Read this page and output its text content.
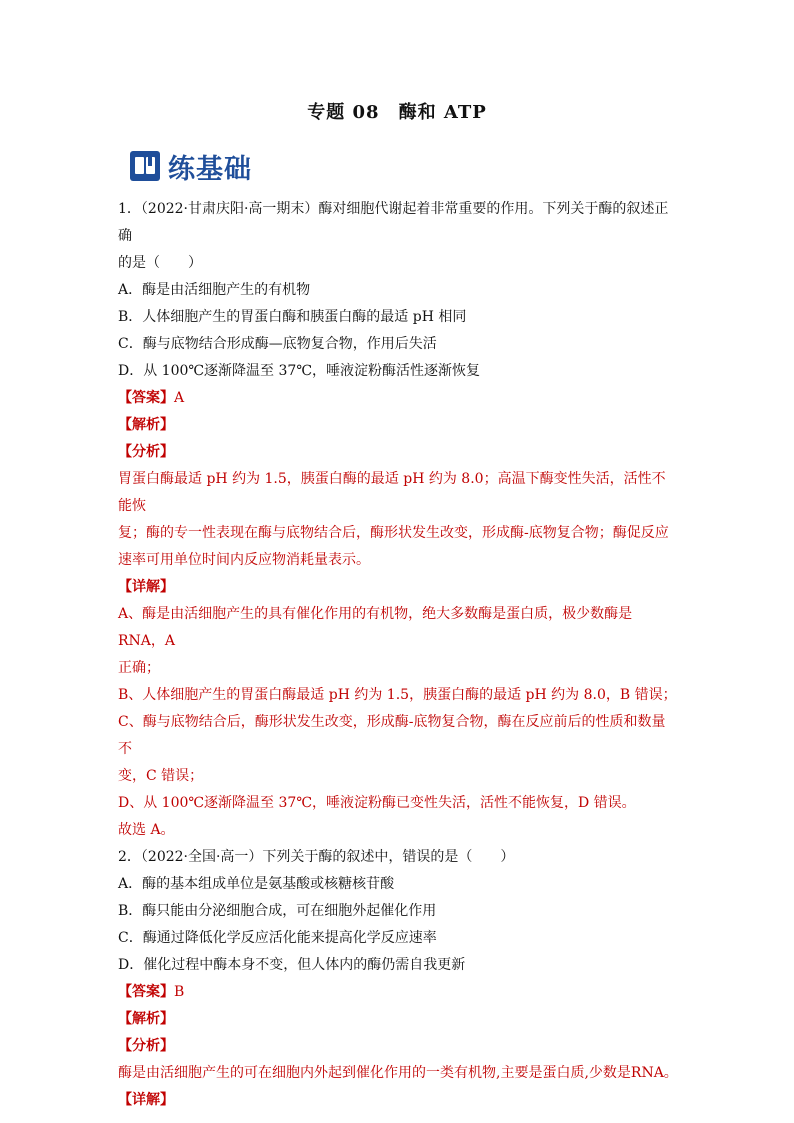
专题 08　酶和 ATP
练基础

1．（2022·甘肃庆阳·高一期末）酶对细胞代谢起着非常重要的作用。下列关于酶的叙述正确

的是（　　）

A．酶是由活细胞产生的有机物

B．人体细胞产生的胃蛋白酶和胰蛋白酶的最适 pH 相同

C．酶与底物结合形成酶—底物复合物，作用后失活

D．从 100℃逐渐降温至 37℃，唾液淀粉酶活性逐渐恢复

【答案】A

【解析】

【分析】

胃蛋白酶最适 pH 约为 1.5，胰蛋白酶的最适 pH 约为 8.0；高温下酶变性失活，活性不能恢

复；酶的专一性表现在酶与底物结合后，酶形状发生改变，形成酶-底物复合物；酶促反应

速率可用单位时间内反应物消耗量表示。

【详解】

A、酶是由活细胞产生的具有催化作用的有机物，绝大多数酶是蛋白质，极少数酶是 RNA，A

正确；

B、人体细胞产生的胃蛋白酶最适 pH 约为 1.5，胰蛋白酶的最适 pH 约为 8.0，B 错误；

C、酶与底物结合后，酶形状发生改变，形成酶-底物复合物，酶在反应前后的性质和数量不

变，C 错误；

D、从 100℃逐渐降温至 37℃，唾液淀粉酶已变性失活，活性不能恢复，D 错误。

故选 A。

2．（2022·全国·高一）下列关于酶的叙述中，错误的是（　　）

A．酶的基本组成单位是氨基酸或核糖核苷酸

B．酶只能由分泌细胞合成，可在细胞外起催化作用

C．酶通过降低化学反应活化能来提高化学反应速率

D．催化过程中酶本身不变，但人体内的酶仍需自我更新

【答案】B

【解析】

【分析】

酶是由活细胞产生的可在细胞内外起到催化作用的一类有机物,主要是蛋白质,少数是RNA。

【详解】
